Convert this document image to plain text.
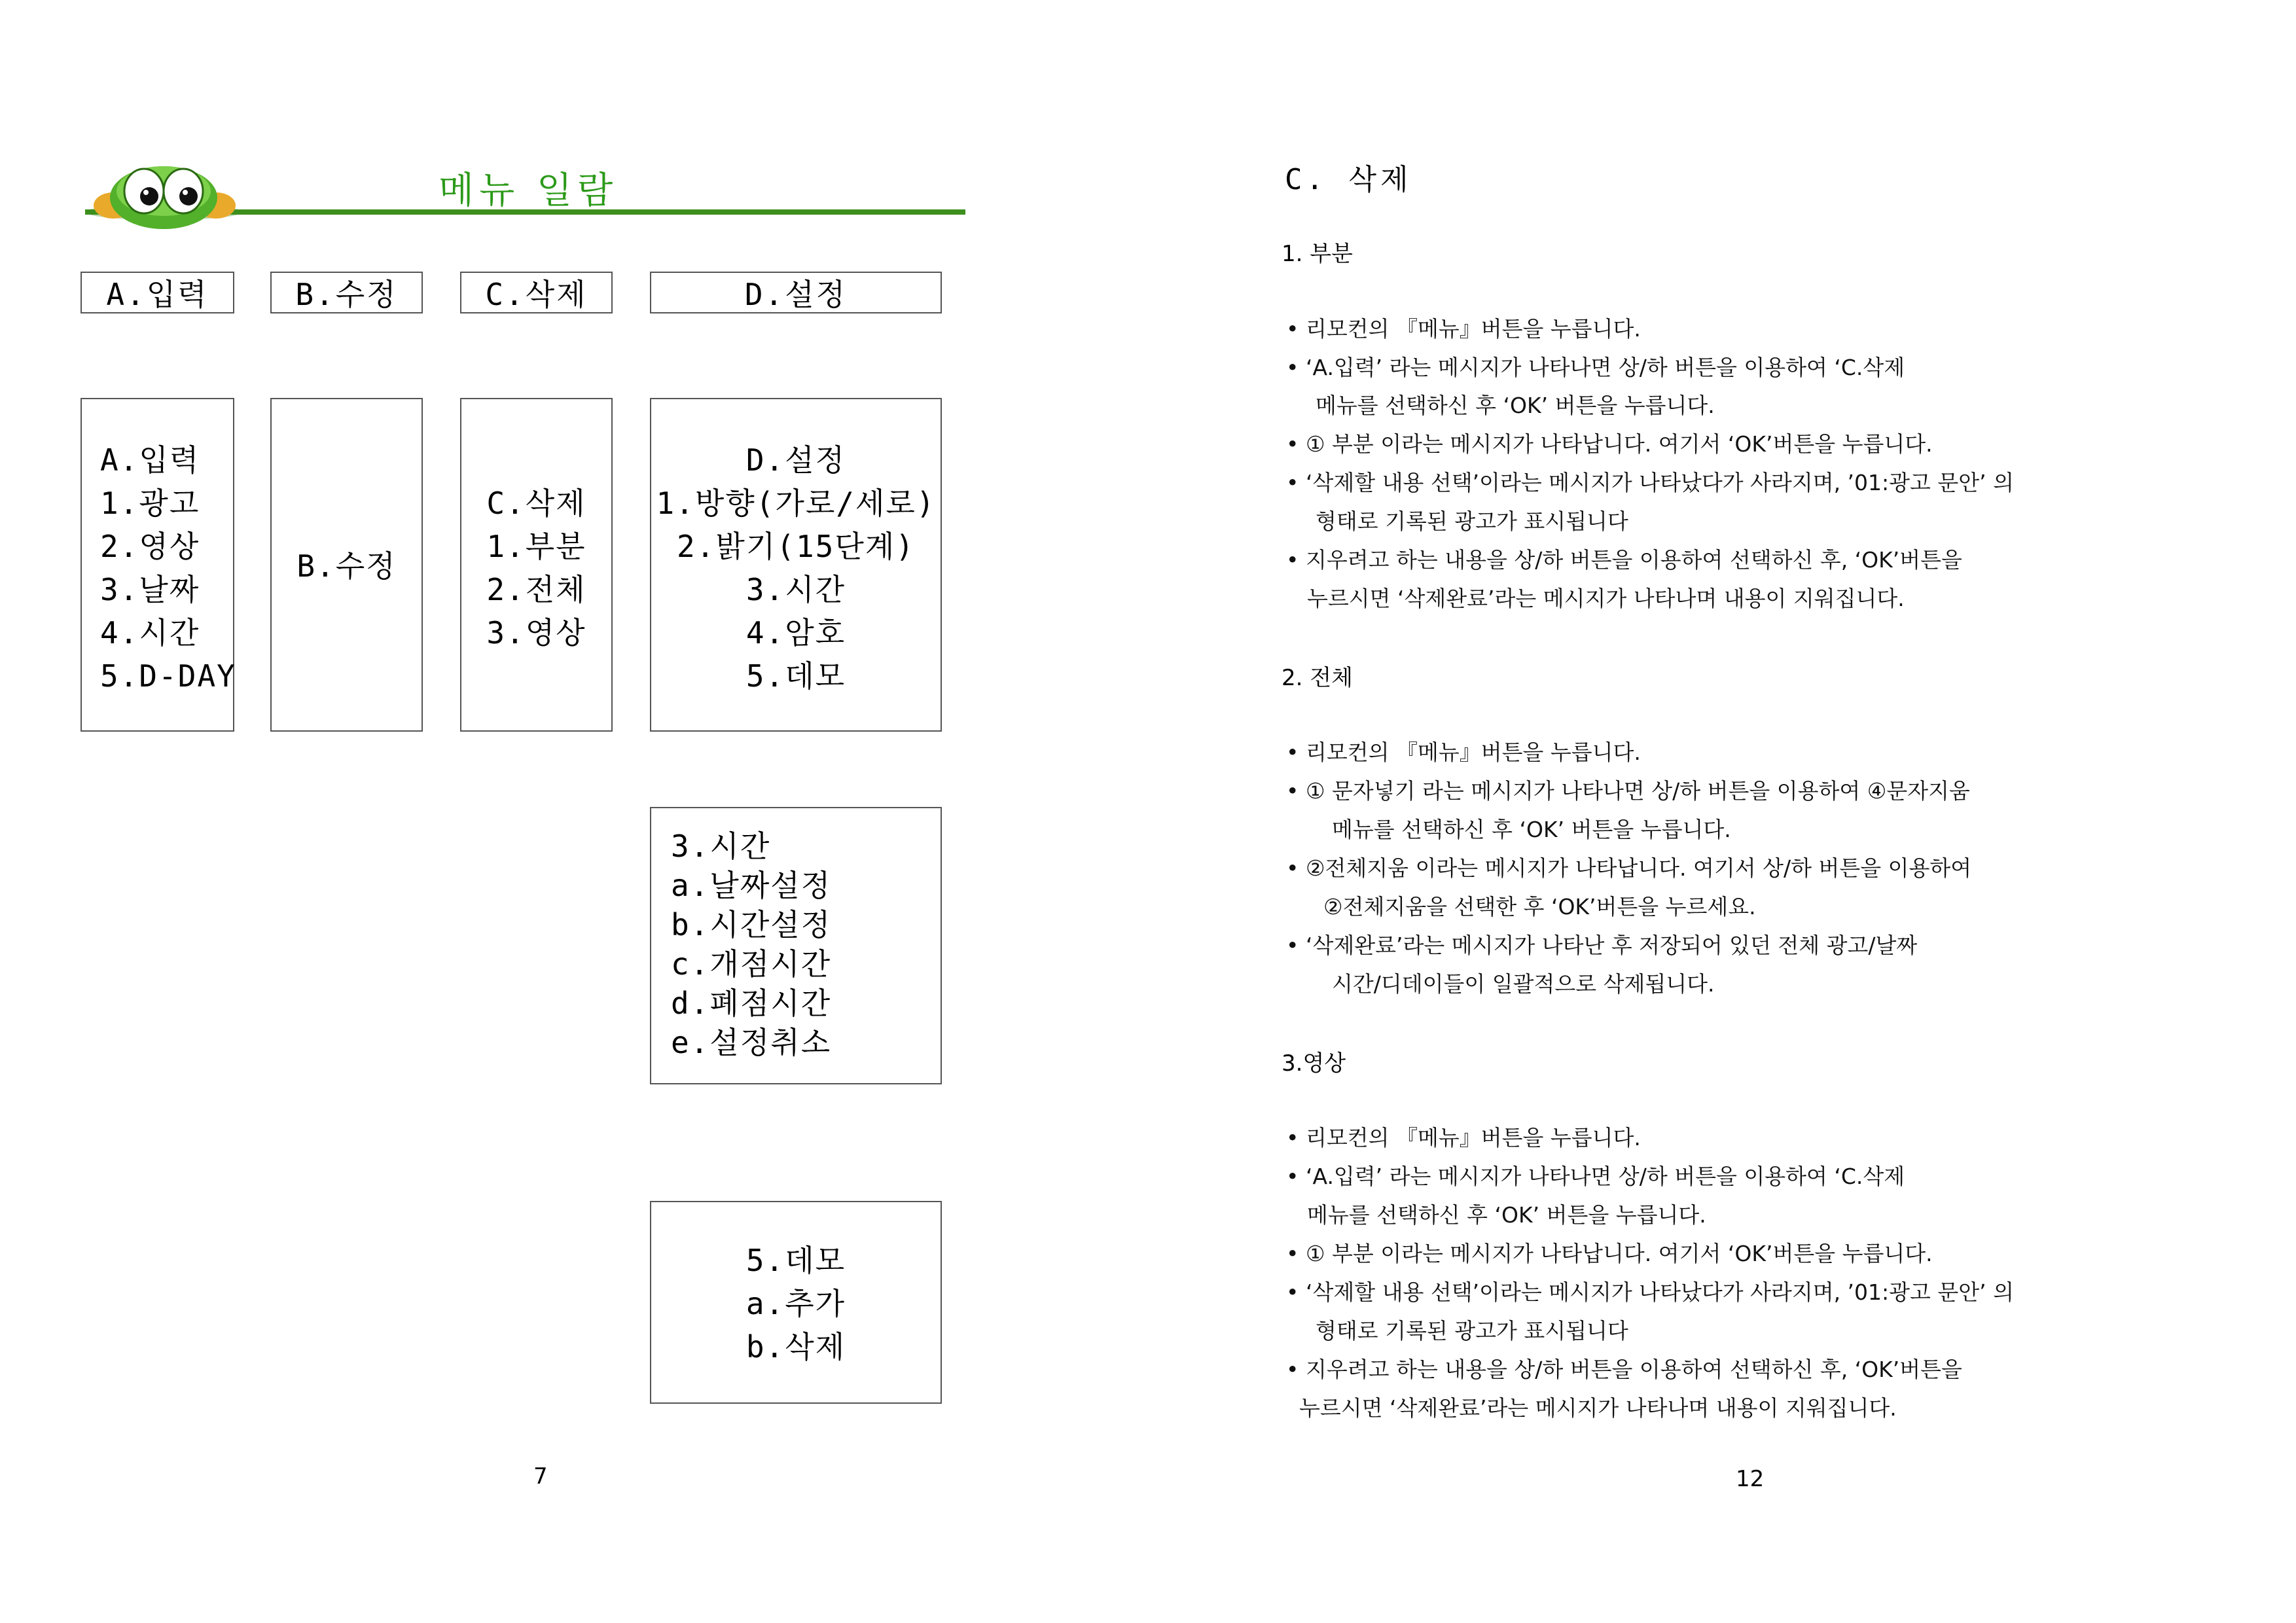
메뉴 일람
A.입력	B.수정	C.삭제	D.설정
A.입력
1.광고
2.영상
3.날짜
4.시간
5.D-DAY
B.수정
C.삭제
1.부분
2.전체
3.영상
D.설정
1.방향(가로/세로)
2.밝기(15단계)
3.시간
4.암호
5.데모
3.시간
a.날짜설정
b.시간설정
c.개점시간
d.폐점시간
e.설정취소
5.데모
a.추가
b.삭제
7
C. 삭제
1. 부분
• 리모컨의 『메뉴』버튼을 누릅니다.
• ‘A.입력’ 라는 메시지가 나타나면 상/하 버튼을 이용하여 ‘C.삭제
메뉴를 선택하신 후 ‘OK’ 버튼을 누릅니다.
• ① 부분 이라는 메시지가 나타납니다. 여기서 ‘OK’버튼을 누릅니다.
• ‘삭제할 내용 선택’이라는 메시지가 나타났다가 사라지며, ’01:광고 문안’ 의
형태로 기록된 광고가 표시됩니다
• 지우려고 하는 내용을 상/하 버튼을 이용하여 선택하신 후, ‘OK’버튼을
누르시면 ‘삭제완료’라는 메시지가 나타나며 내용이 지워집니다.
2. 전체
• 리모컨의 『메뉴』버튼을 누릅니다.
• ① 문자넣기 라는 메시지가 나타나면 상/하 버튼을 이용하여 ④문자지움
메뉴를 선택하신 후 ‘OK’ 버튼을 누릅니다.
• ②전체지움 이라는 메시지가 나타납니다. 여기서 상/하 버튼을 이용하여
②전체지움을 선택한 후 ‘OK’버튼을 누르세요.
• ‘삭제완료’라는 메시지가 나타난 후 저장되어 있던 전체 광고/날짜
시간/디데이들이 일괄적으로 삭제됩니다.
3.영상
• 리모컨의 『메뉴』버튼을 누릅니다.
• ‘A.입력’ 라는 메시지가 나타나면 상/하 버튼을 이용하여 ‘C.삭제
메뉴를 선택하신 후 ‘OK’ 버튼을 누릅니다.
• ① 부분 이라는 메시지가 나타납니다. 여기서 ‘OK’버튼을 누릅니다.
• ‘삭제할 내용 선택’이라는 메시지가 나타났다가 사라지며, ’01:광고 문안’ 의
형태로 기록된 광고가 표시됩니다
• 지우려고 하는 내용을 상/하 버튼을 이용하여 선택하신 후, ‘OK’버튼을
누르시면 ‘삭제완료’라는 메시지가 나타나며 내용이 지워집니다.
12
